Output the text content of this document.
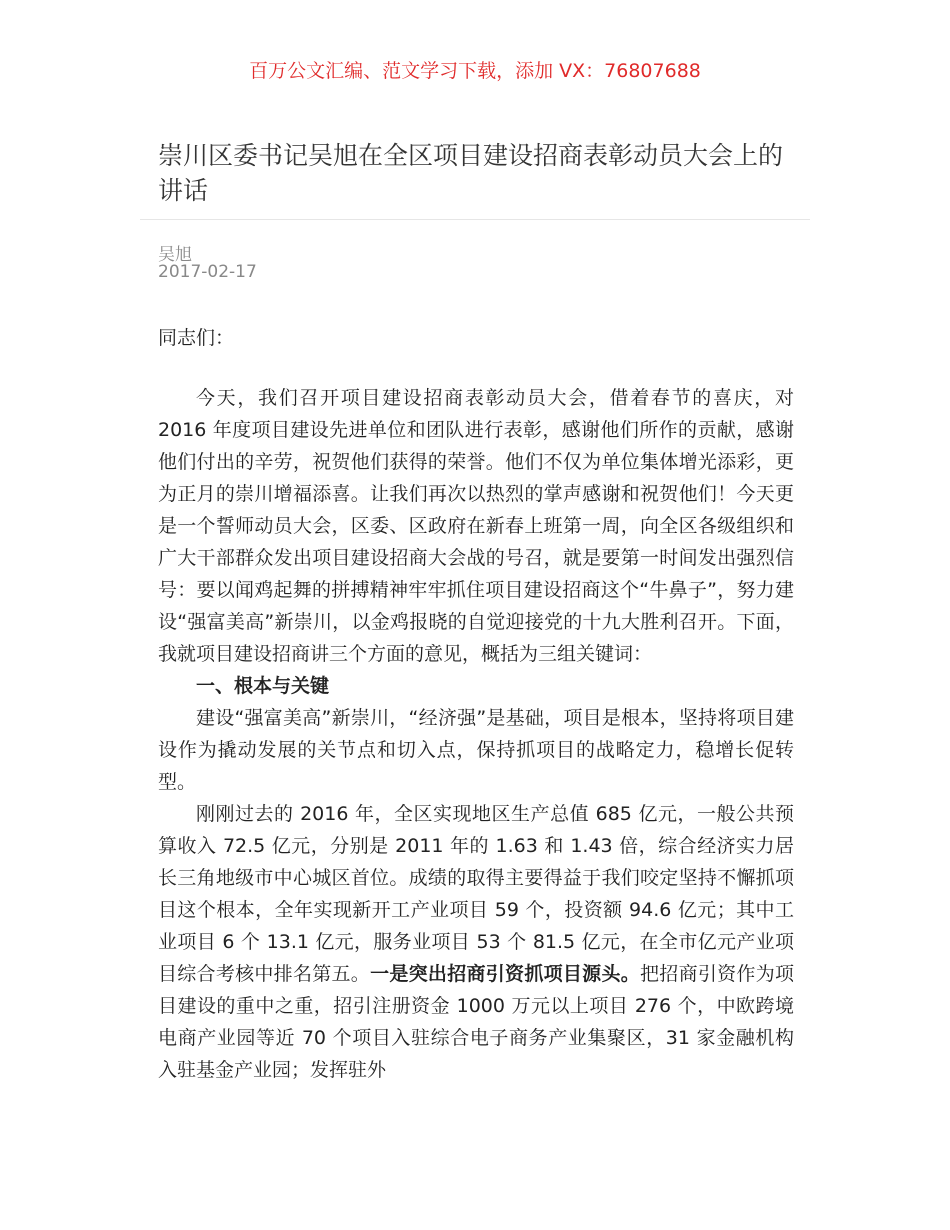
百万公文汇编、范文学习下载，添加 VX：76807688
崇川区委书记吴旭在全区项目建设招商表彰动员大会上的讲话
吴旭
2017-02-17
同志们：

今天，我们召开项目建设招商表彰动员大会，借着春节的喜庆，对 2016 年度项目建设先进单位和团队进行表彰，感谢他们所作的贡献，感谢他们付出的辛劳，祝贺他们获得的荣誉。他们不仅为单位集体增光添彩，更为正月的崇川增福添喜。让我们再次以热烈的掌声感谢和祝贺他们！今天更是一个誓师动员大会，区委、区政府在新春上班第一周，向全区各级组织和广大干部群众发出项目建设招商大会战的号召，就是要第一时间发出强烈信号：要以闻鸡起舞的拼搏精神牢牢抓住项目建设招商这个“牛鼻子”，努力建设“强富美高”新崇川，以金鸡报晓的自觉迎接党的十九大胜利召开。下面，我就项目建设招商讲三个方面的意见，概括为三组关键词：

一、根本与关键

建设“强富美高”新崇川，“经济强”是基础，项目是根本，坚持将项目建设作为撬动发展的关节点和切入点，保持抓项目的战略定力，稳增长促转型。

刚刚过去的 2016 年，全区实现地区生产总值 685 亿元，一般公共预算收入 72.5 亿元，分别是 2011 年的 1.63 和 1.43 倍，综合经济实力居长三角地级市中心城区首位。成绩的取得主要得益于我们咬定坚持不懈抓项目这个根本，全年实现新开工产业项目 59 个，投资额 94.6 亿元；其中工业项目 6 个 13.1 亿元，服务业项目 53 个 81.5 亿元，在全市亿元产业项目综合考核中排名第五。一是突出招商引资抓项目源头。把招商引资作为项目建设的重中之重，招引注册资金 1000 万元以上项目 276 个，中欧跨境电商产业园等近 70 个项目入驻综合电子商务产业集聚区，31 家金融机构入驻基金产业园；发挥驻外
